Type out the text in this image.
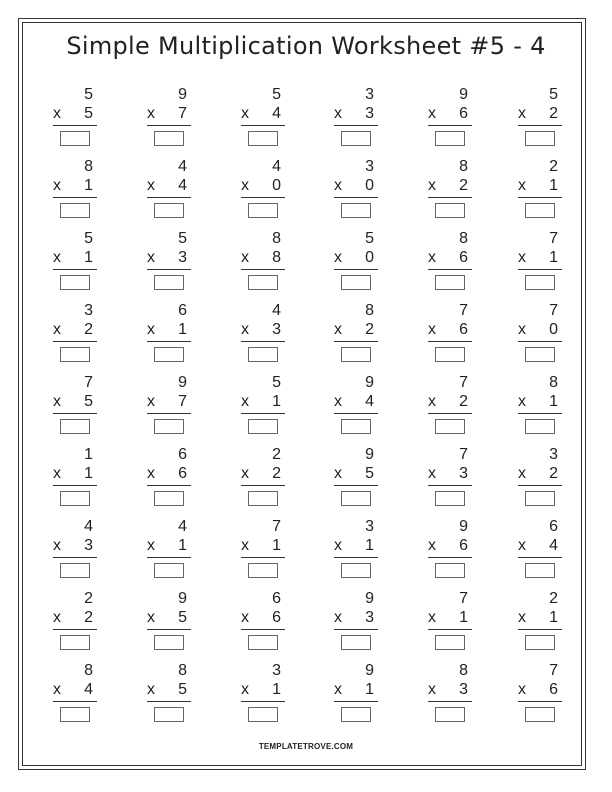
Simple Multiplication Worksheet #5 - 4
5
x 5
9
x 7
5
x 4
3
x 3
9
x 6
5
x 2
8
x 1
4
x 4
4
x 0
3
x 0
8
x 2
2
x 1
5
x 1
5
x 3
8
x 8
5
x 0
8
x 6
7
x 1
3
x 2
6
x 1
4
x 3
8
x 2
7
x 6
7
x 0
7
x 5
9
x 7
5
x 1
9
x 4
7
x 2
8
x 1
1
x 1
6
x 6
2
x 2
9
x 5
7
x 3
3
x 2
4
x 3
4
x 1
7
x 1
3
x 1
9
x 6
6
x 4
2
x 2
9
x 5
6
x 6
9
x 3
7
x 1
2
x 1
8
x 4
8
x 5
3
x 1
9
x 1
8
x 3
7
x 6
TEMPLATETROVE.COM
